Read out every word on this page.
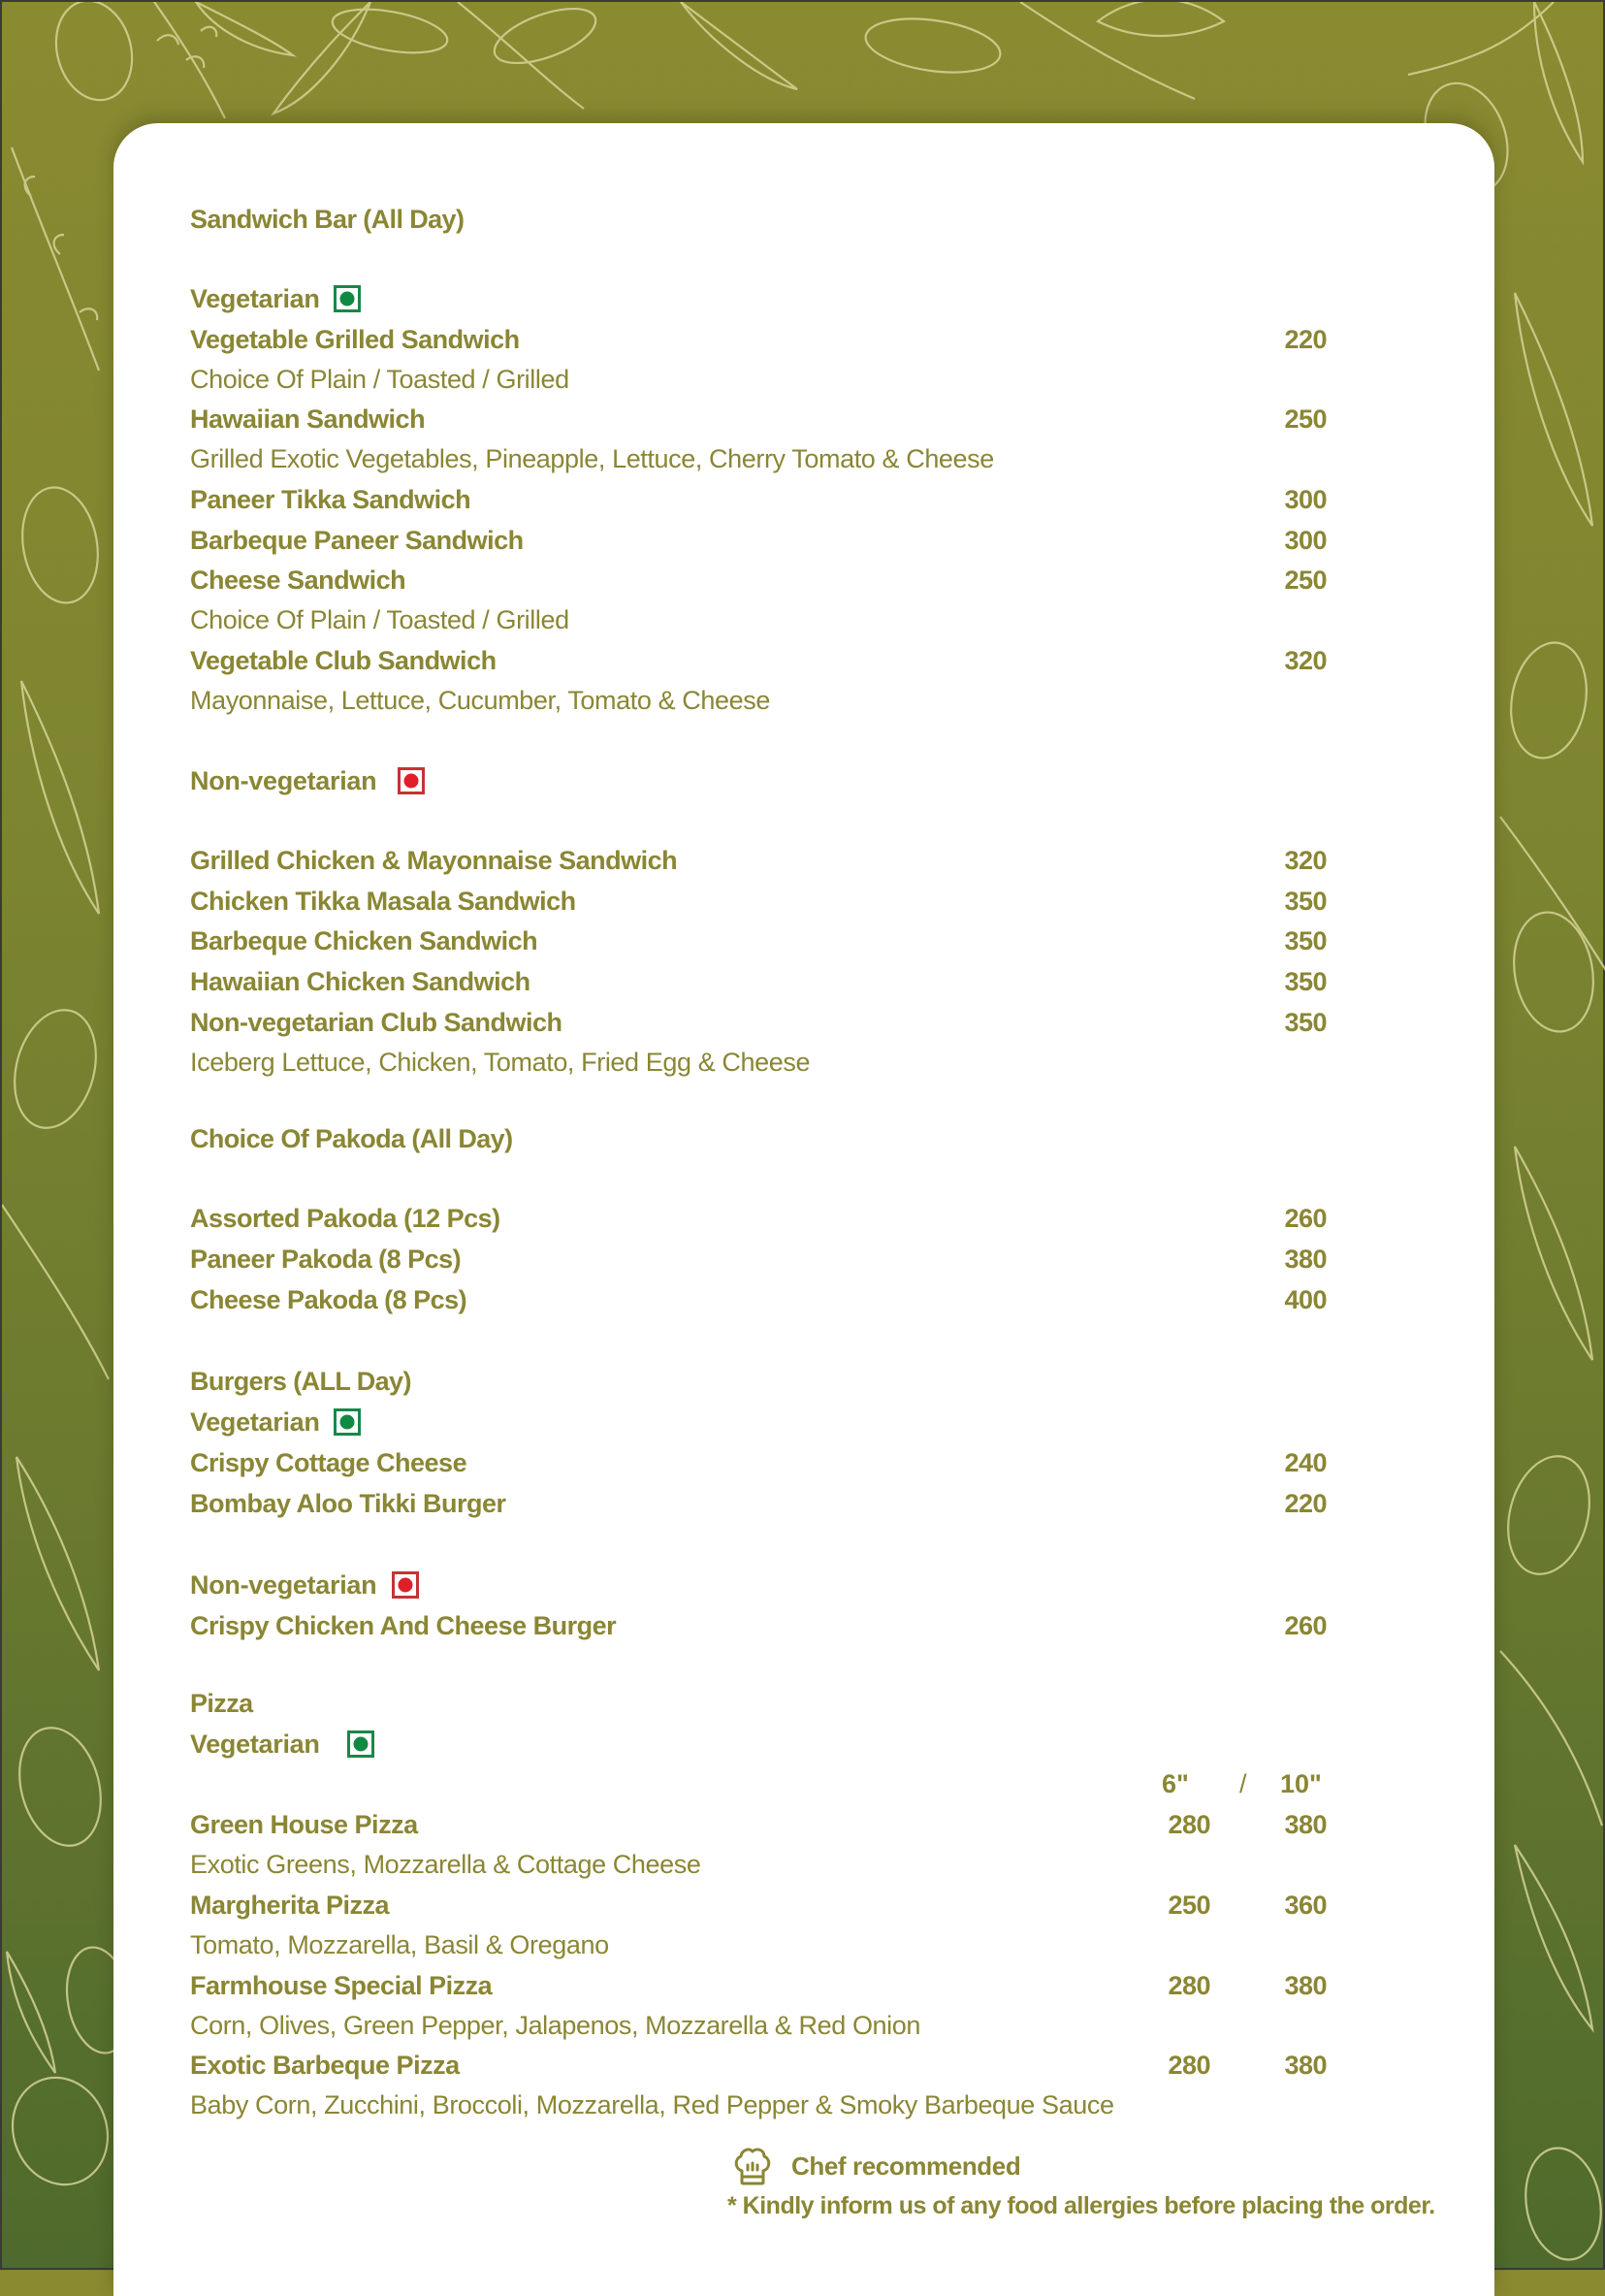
Sandwich Bar (All Day)
Vegetarian
Vegetable Grilled Sandwich	220
Choice Of Plain / Toasted / Grilled
Hawaiian Sandwich	250
Grilled Exotic Vegetables, Pineapple, Lettuce, Cherry Tomato & Cheese
Paneer Tikka Sandwich	300
Barbeque Paneer Sandwich	300
Cheese Sandwich	250
Choice Of Plain / Toasted / Grilled
Vegetable Club Sandwich	320
Mayonnaise, Lettuce, Cucumber, Tomato & Cheese
Non-vegetarian
Grilled Chicken & Mayonnaise Sandwich	320
Chicken Tikka Masala Sandwich	350
Barbeque Chicken Sandwich	350
Hawaiian Chicken Sandwich	350
Non-vegetarian Club Sandwich	350
Iceberg Lettuce, Chicken, Tomato, Fried Egg & Cheese
Choice Of Pakoda (All Day)
Assorted Pakoda (12 Pcs)	260
Paneer Pakoda (8 Pcs)	380
Cheese Pakoda (8 Pcs)	400
Burgers (ALL Day)
Vegetarian
Crispy Cottage Cheese	240
Bombay Aloo Tikki Burger	220
Non-vegetarian
Crispy Chicken And Cheese Burger	260
Pizza
Vegetarian
6" / 10"
Green House Pizza	280	380
Exotic Greens, Mozzarella & Cottage Cheese
Margherita Pizza	250	360
Tomato, Mozzarella, Basil & Oregano
Farmhouse Special Pizza	280	380
Corn, Olives, Green Pepper, Jalapenos, Mozzarella & Red Onion
Exotic Barbeque Pizza	280	380
Baby Corn, Zucchini, Broccoli, Mozzarella, Red Pepper & Smoky Barbeque Sauce
Chef recommended
* Kindly inform us of any food allergies before placing the order.
